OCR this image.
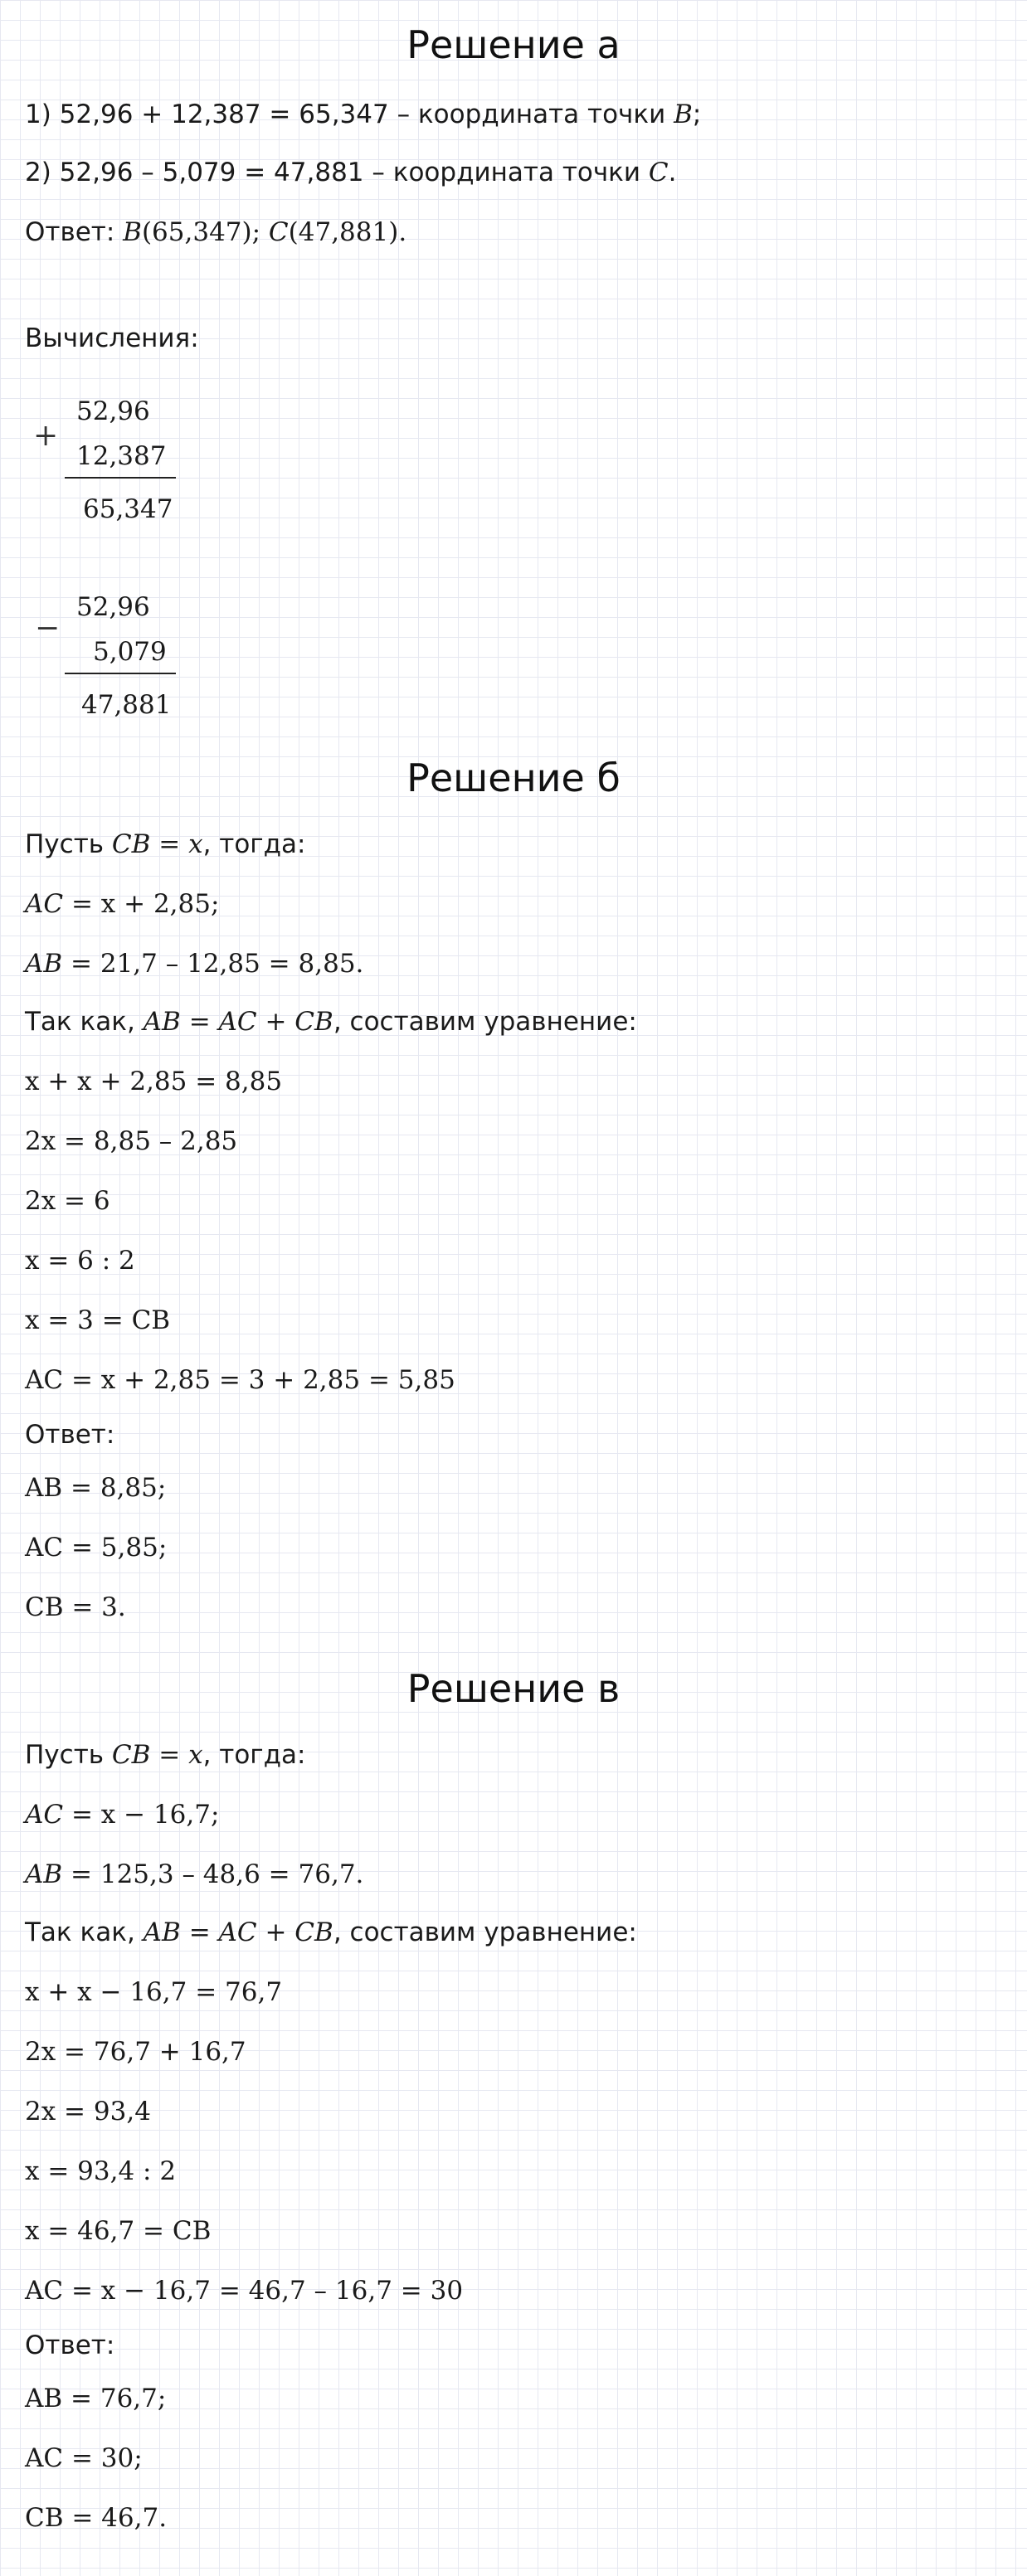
Решение а

1) 52,96 + 12,387 = 65,347 – координата точки B;

2) 52,96 – 5,079 = 47,881 – координата точки C.

Ответ: B(65,347); C(47,881).

Вычисления:

+
52,96
12,387
65,347
−
52,96
5,079
47,881
Решение б

Пусть CB = x, тогда:

AC = x + 2,85;

AB = 21,7 – 12,85 = 8,85.

Так как, AB = AC + CB, составим уравнение:

x + x + 2,85 = 8,85

2x = 8,85 – 2,85

2x = 6

x = 6 : 2

x = 3 = CB

AC = x + 2,85 = 3 + 2,85 = 5,85

Ответ:

AB = 8,85;

AC = 5,85;

CB = 3.

Решение в

Пусть CB = x, тогда:

AC = x − 16,7;

AB = 125,3 – 48,6 = 76,7.

Так как, AB = AC + CB, составим уравнение:

x + x − 16,7 = 76,7

2x = 76,7 + 16,7

2x = 93,4

x = 93,4 : 2

x = 46,7 = CB

AC = x − 16,7 = 46,7 – 16,7 = 30

Ответ:

AB = 76,7;

AC = 30;

CB = 46,7.
